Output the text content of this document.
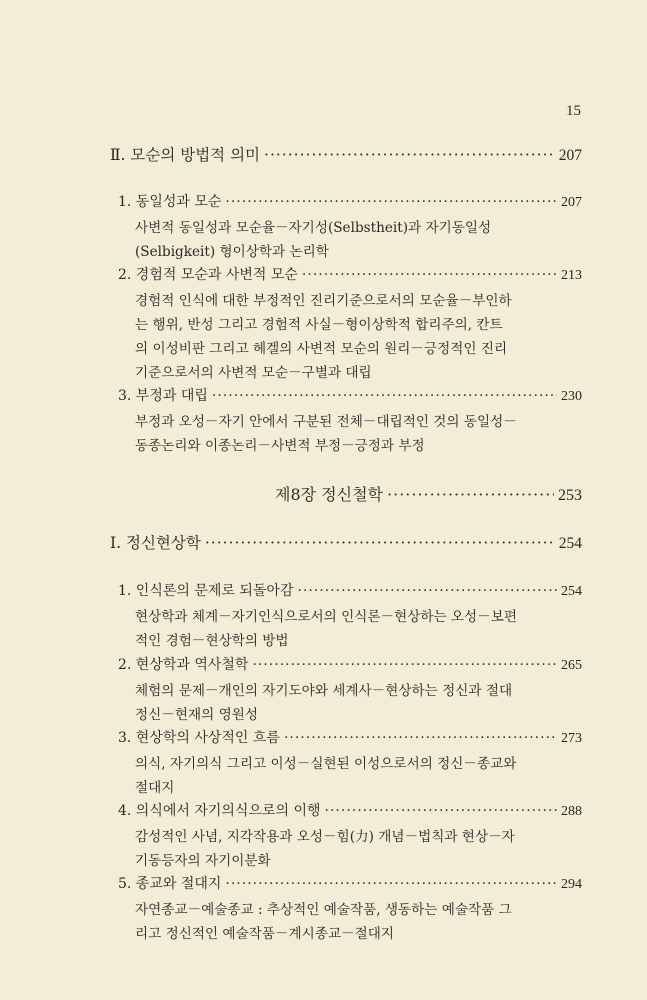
15
Ⅱ. 모순의 방법적 의미 ·····	207
1. 동일성과 모순 ·····	207
사변적 동일성과 모순율－자기성(Selbstheit)과 자기동일성
(Selbigkeit) 형이상학과 논리학
2. 경험적 모순과 사변적 모순 ·····	213
경험적 인식에 대한 부정적인 진리기준으로서의 모순율－부인하
는 행위, 반성 그리고 경험적 사실－형이상학적 합리주의, 칸트
의 이성비판 그리고 헤겔의 사변적 모순의 원리－긍정적인 진리
기준으로서의 사변적 모순－구별과 대립
3. 부정과 대립 ·····	230
부정과 오성－자기 안에서 구분된 전체－대립적인 것의 동일성－
동종논리와 이종논리－사변적 부정－긍정과 부정
제8장 정신철학 ·····	253
Ⅰ. 정신현상학 ·····	254
1. 인식론의 문제로 되돌아감 ·····	254
현상학과 체계－자기인식으로서의 인식론－현상하는 오성－보편
적인 경험－현상학의 방법
2. 현상학과 역사철학 ·····	265
체험의 문제－개인의 자기도야와 세계사－현상하는 정신과 절대
정신－현재의 영원성
3. 현상학의 사상적인 흐름 ·····	273
의식, 자기의식 그리고 이성－실현된 이성으로서의 정신－종교와
절대지
4. 의식에서 자기의식으로의 이행 ·····	288
감성적인 사념, 지각작용과 오성－힘(力) 개념－법칙과 현상－자
기동등자의 자기이분화
5. 종교와 절대지 ·····	294
자연종교－예술종교 : 추상적인 예술작품, 생동하는 예술작품 그
리고 정신적인 예술작품－계시종교－절대지
